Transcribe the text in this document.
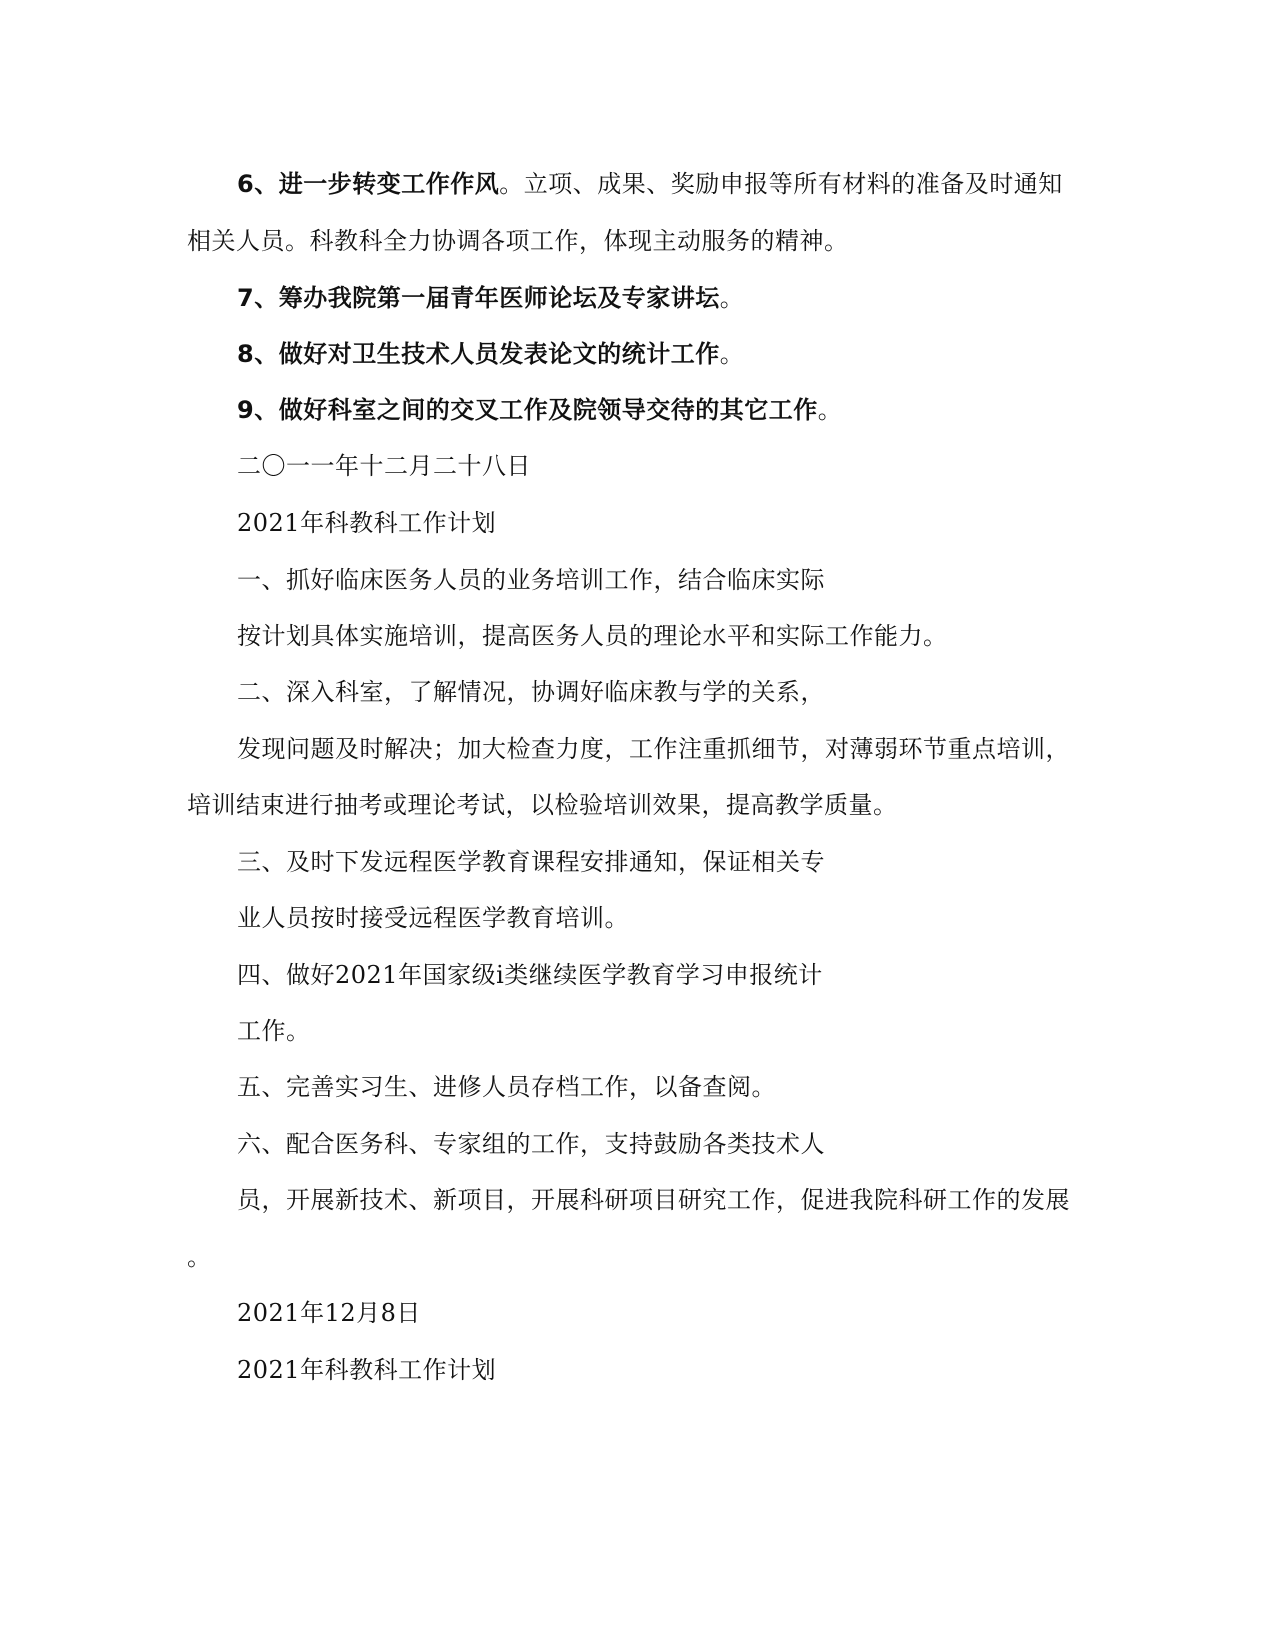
6、进一步转变工作作风。立项、成果、奖励申报等所有材料的准备及时通知
相关人员。科教科全力协调各项工作，体现主动服务的精神。
7、筹办我院第一届青年医师论坛及专家讲坛。
8、做好对卫生技术人员发表论文的统计工作。
9、做好科室之间的交叉工作及院领导交待的其它工作。
二〇一一年十二月二十八日
2021年科教科工作计划
一、抓好临床医务人员的业务培训工作，结合临床实际
按计划具体实施培训，提高医务人员的理论水平和实际工作能力。
二、深入科室，了解情况，协调好临床教与学的关系，
发现问题及时解决；加大检查力度，工作注重抓细节，对薄弱环节重点培训，
培训结束进行抽考或理论考试，以检验培训效果，提高教学质量。
三、及时下发远程医学教育课程安排通知，保证相关专
业人员按时接受远程医学教育培训。
四、做好2021年国家级i类继续医学教育学习申报统计
工作。
五、完善实习生、进修人员存档工作，以备查阅。
六、配合医务科、专家组的工作，支持鼓励各类技术人
员，开展新技术、新项目，开展科研项目研究工作，促进我院科研工作的发展
。
2021年12月8日
2021年科教科工作计划
